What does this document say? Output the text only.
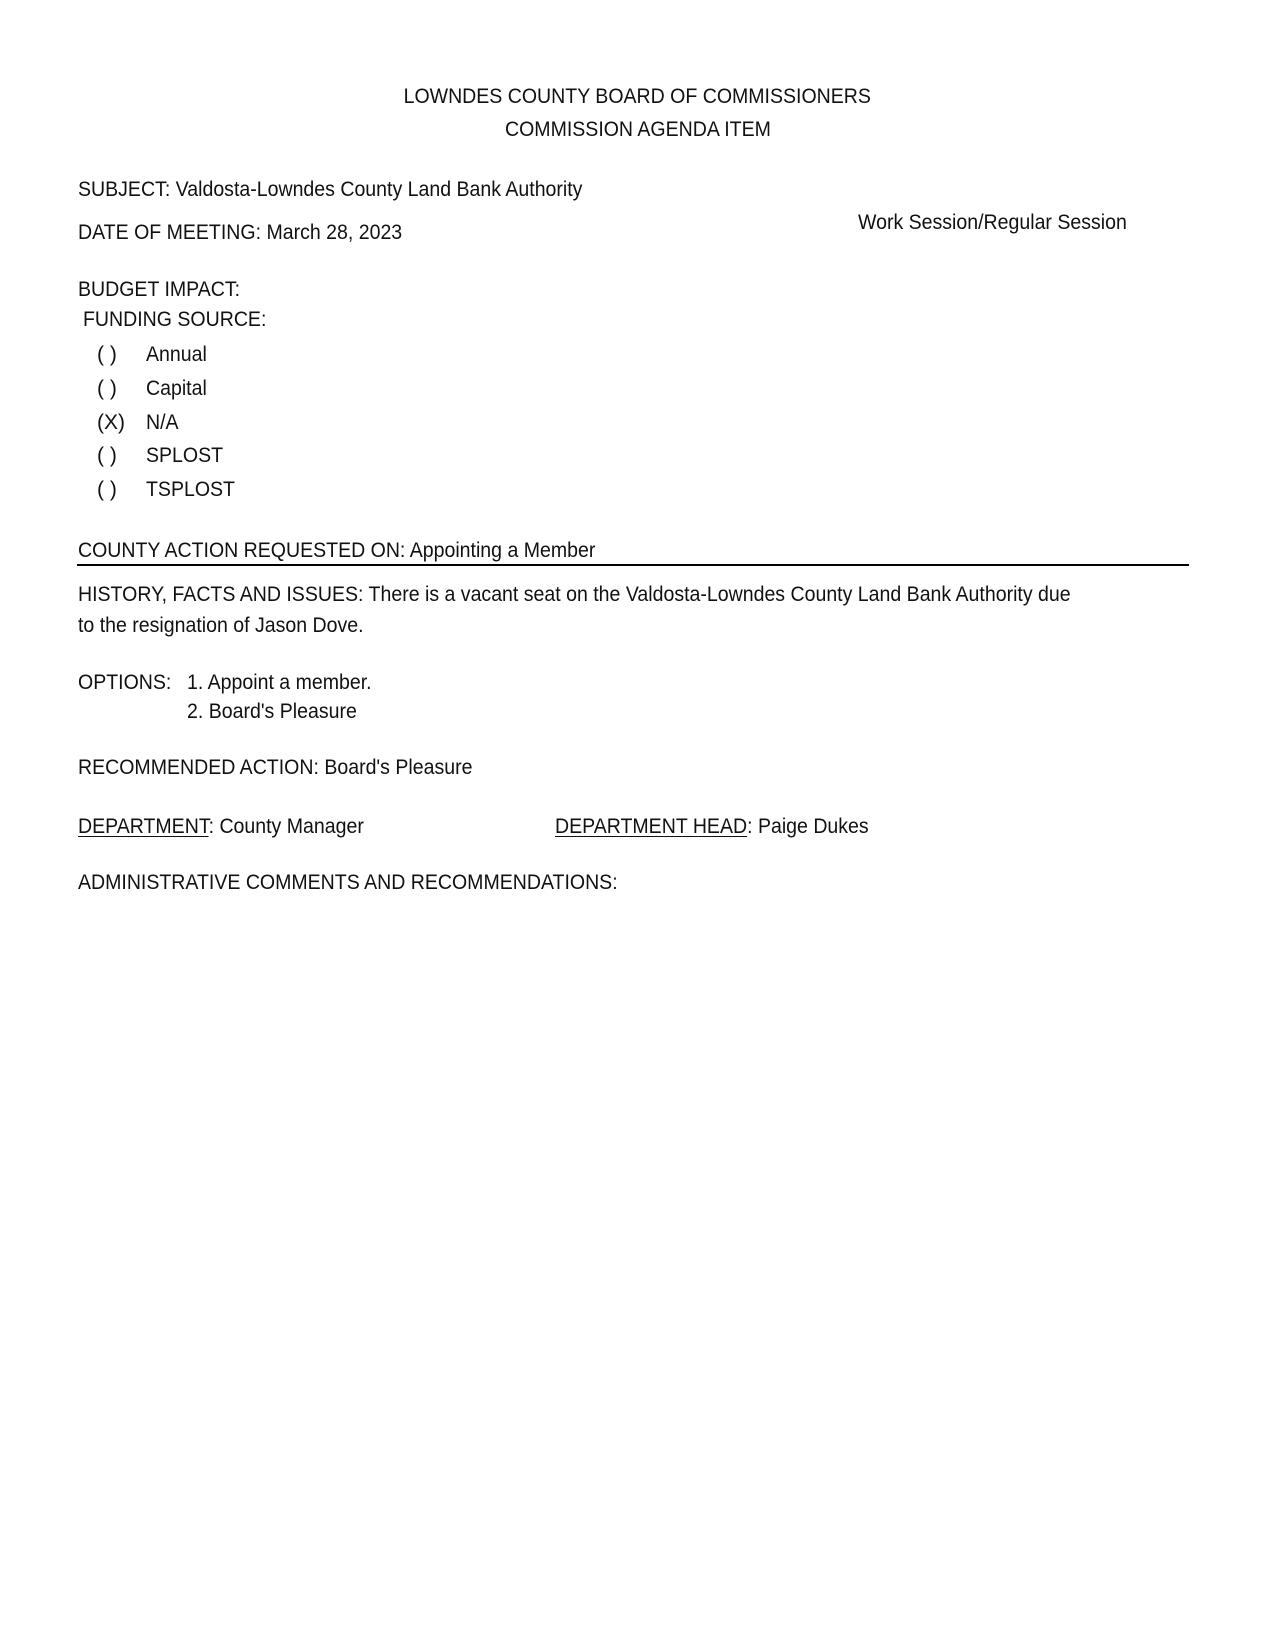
LOWNDES COUNTY BOARD OF COMMISSIONERS
COMMISSION AGENDA ITEM
SUBJECT: Valdosta-Lowndes County Land Bank Authority
DATE OF MEETING: March 28, 2023	Work Session/Regular Session
BUDGET IMPACT:
FUNDING SOURCE:
( ) Annual
( ) Capital
(X) N/A
( ) SPLOST
( ) TSPLOST
COUNTY ACTION REQUESTED ON: Appointing a Member
HISTORY, FACTS AND ISSUES: There is a vacant seat on the Valdosta-Lowndes County Land Bank Authority due
to the resignation of Jason Dove.
OPTIONS: 1. Appoint a member.
2. Board's Pleasure
RECOMMENDED ACTION: Board's Pleasure
DEPARTMENT: County Manager	DEPARTMENT HEAD: Paige Dukes
ADMINISTRATIVE COMMENTS AND RECOMMENDATIONS:
